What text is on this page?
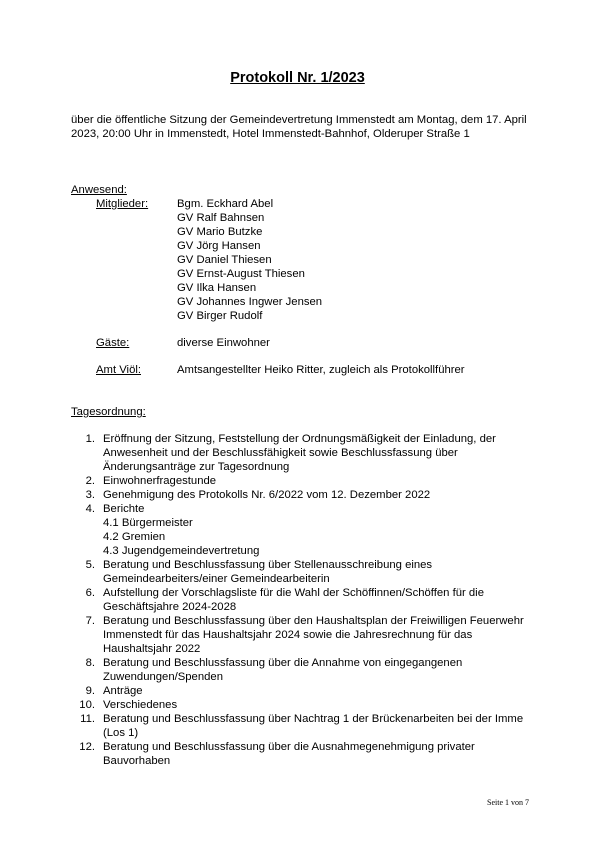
Protokoll Nr. 1/2023
über die öffentliche Sitzung der Gemeindevertretung Immenstedt am Montag, dem 17. April 2023, 20:00 Uhr in Immenstedt, Hotel Immenstedt-Bahnhof, Olderuper Straße 1
Anwesend:
Mitglieder:	Bgm. Eckhard Abel
GV Ralf Bahnsen
GV Mario Butzke
GV Jörg Hansen
GV Daniel Thiesen
GV Ernst-August Thiesen
GV Ilka Hansen
GV Johannes Ingwer Jensen
GV Birger Rudolf
Gäste:	diverse Einwohner
Amt Viöl:	Amtsangestellter Heiko Ritter, zugleich als Protokollführer
Tagesordnung:
1. Eröffnung der Sitzung, Feststellung der Ordnungsmäßigkeit der Einladung, der Anwesenheit und der Beschlussfähigkeit sowie Beschlussfassung über Änderungsanträge zur Tagesordnung
2. Einwohnerfragestunde
3. Genehmigung des Protokolls Nr. 6/2022 vom 12. Dezember 2022
4. Berichte
4.1 Bürgermeister
4.2 Gremien
4.3 Jugendgemeindevertretung
5. Beratung und Beschlussfassung über Stellenausschreibung eines Gemeindearbeiters/einer Gemeindearbeiterin
6. Aufstellung der Vorschlagsliste für die Wahl der Schöffinnen/Schöffen für die Geschäftsjahre 2024-2028
7. Beratung und Beschlussfassung über den Haushaltsplan der Freiwilligen Feuerwehr Immenstedt für das Haushaltsjahr 2024 sowie die Jahresrechnung für das Haushaltsjahr 2022
8. Beratung und Beschlussfassung über die Annahme von eingegangenen Zuwendungen/Spenden
9. Anträge
10. Verschiedenes
11. Beratung und Beschlussfassung über Nachtrag 1 der Brückenarbeiten bei der Imme (Los 1)
12. Beratung und Beschlussfassung über die Ausnahmegenehmigung privater Bauvorhaben
Seite 1 von 7
